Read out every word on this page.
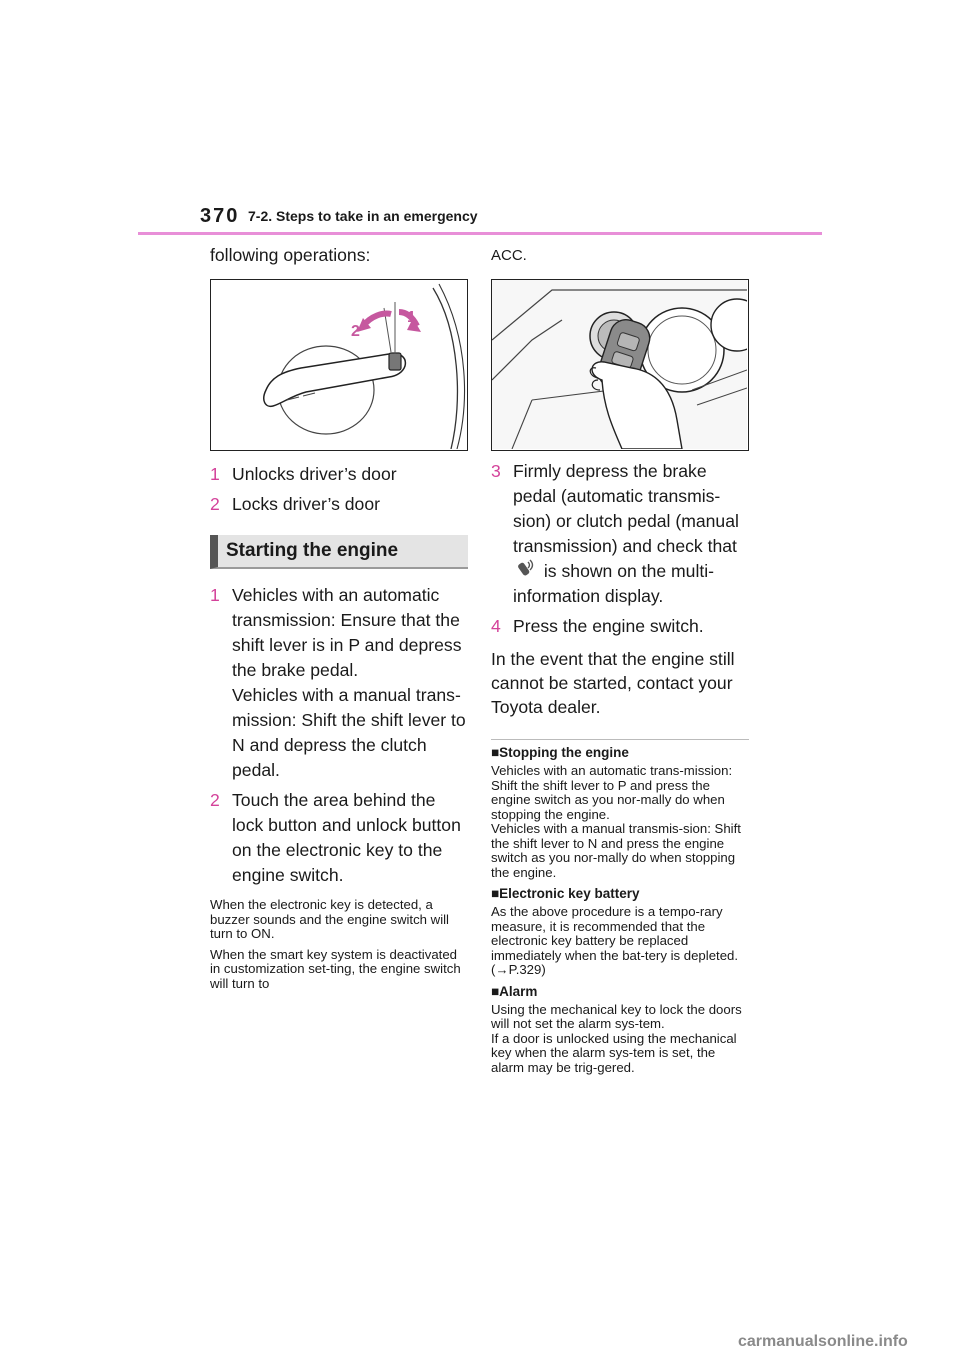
370 7-2. Steps to take in an emergency

following operations:

2
1
1 Unlocks driver’s door
2 Locks driver’s door
Starting the engine
1 Vehicles with an automatic transmission: Ensure that the shift lever is in P and depress the brake pedal.
Vehicles with a manual trans-mission: Shift the shift lever to N and depress the clutch pedal.
2 Touch the area behind the lock button and unlock button on the electronic key to the engine switch.

When the electronic key is detected, a buzzer sounds and the engine switch will turn to ON.

When the smart key system is deactivated in customization set-ting, the engine switch will turn to

ACC.

3 Firmly depress the brake pedal (automatic transmis-sion) or clutch pedal (manual transmission) and check that
is shown on the multi-information display.
4 Press the engine switch.

In the event that the engine still cannot be started, contact your Toyota dealer.

■Stopping the engine

Vehicles with an automatic trans-mission: Shift the shift lever to P and press the engine switch as you nor-mally do when stopping the engine.

Vehicles with a manual transmis-sion: Shift the shift lever to N and press the engine switch as you nor-mally do when stopping the engine.

■Electronic key battery

As the above procedure is a tempo-rary measure, it is recommended that the electronic key battery be replaced immediately when the bat-tery is depleted. (→P.329)

■Alarm

Using the mechanical key to lock the doors will not set the alarm sys-tem.

If a door is unlocked using the mechanical key when the alarm sys-tem is set, the alarm may be trig-gered.

carmanualsonline.info
